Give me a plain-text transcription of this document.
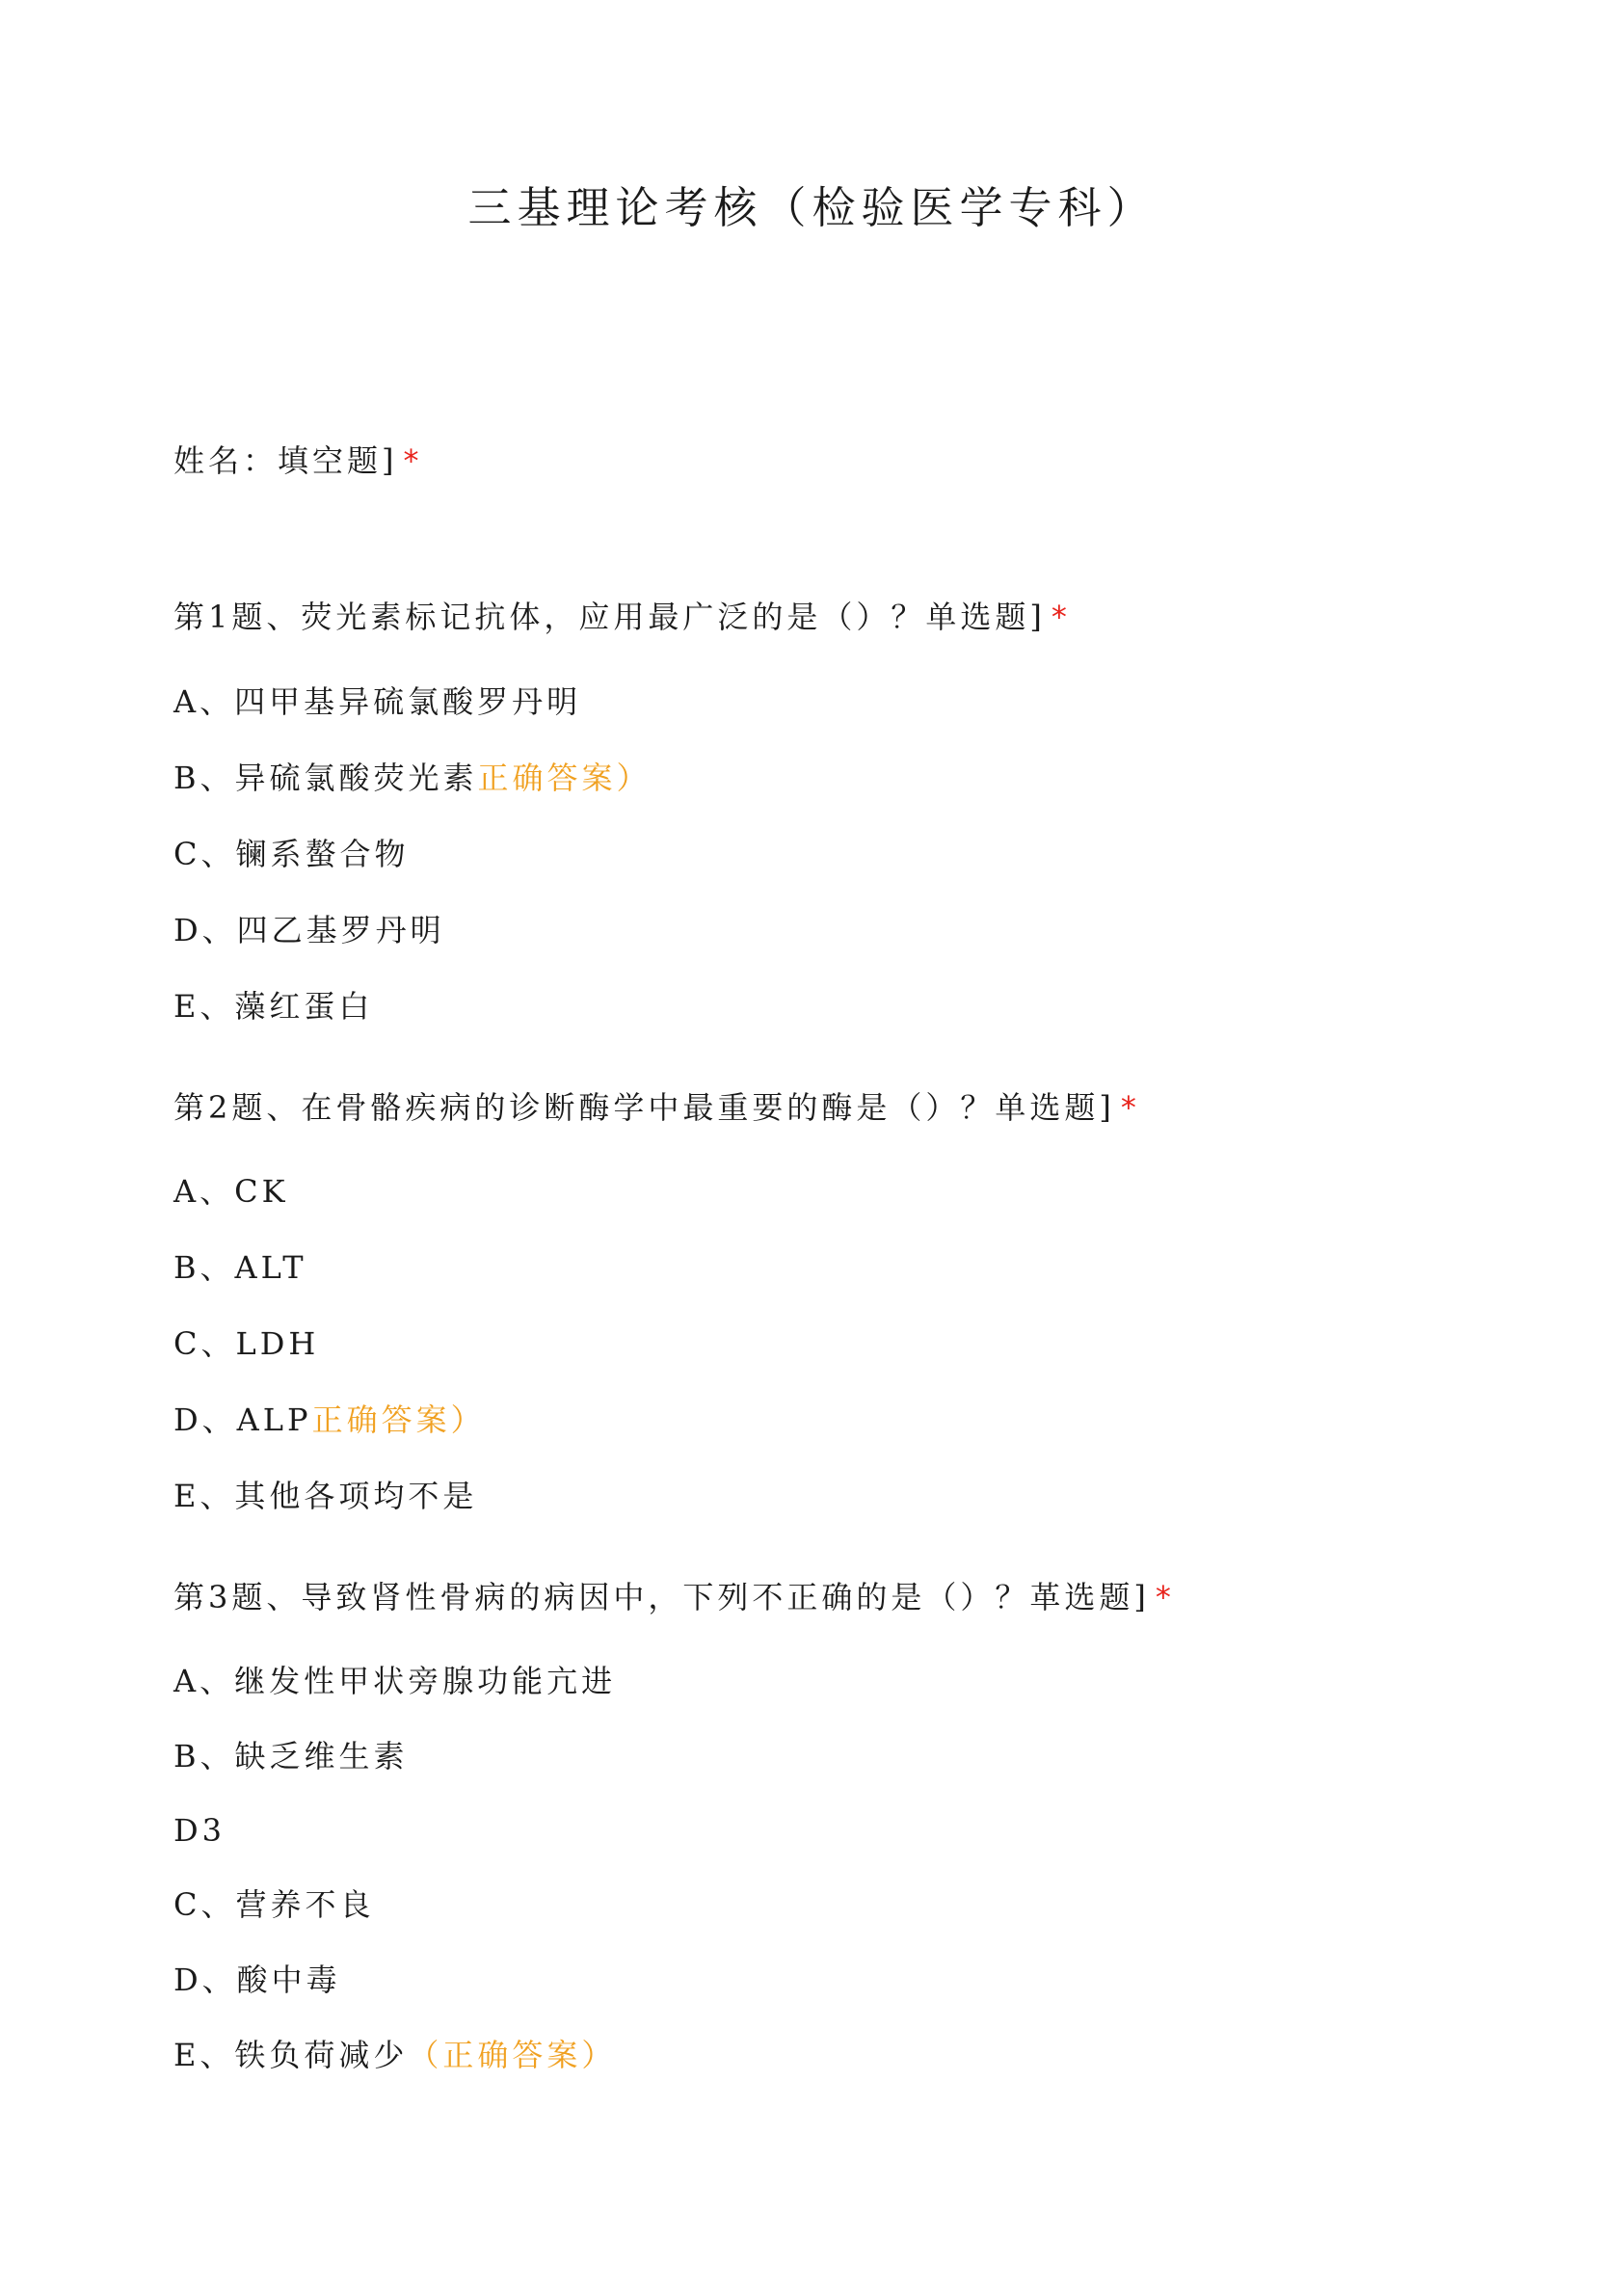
三基理论考核（检验医学专科）
姓名：填空题] *
第1题、荧光素标记抗体，应用最广泛的是（）？单选题] *
A、四甲基异硫氯酸罗丹明
B、异硫氯酸荧光素正确答案）
C、镧系螯合物
D、四乙基罗丹明
E、藻红蛋白
第2题、在骨骼疾病的诊断酶学中最重要的酶是（）？单选题] *
A、CK
B、ALT
C、LDH
D、ALP正确答案）
E、其他各项均不是
第3题、导致肾性骨病的病因中，下列不正确的是（）？革选题] *
A、继发性甲状旁腺功能亢进
B、缺乏维生素
D3
C、营养不良
D、酸中毒
E、铁负荷减少（正确答案）
